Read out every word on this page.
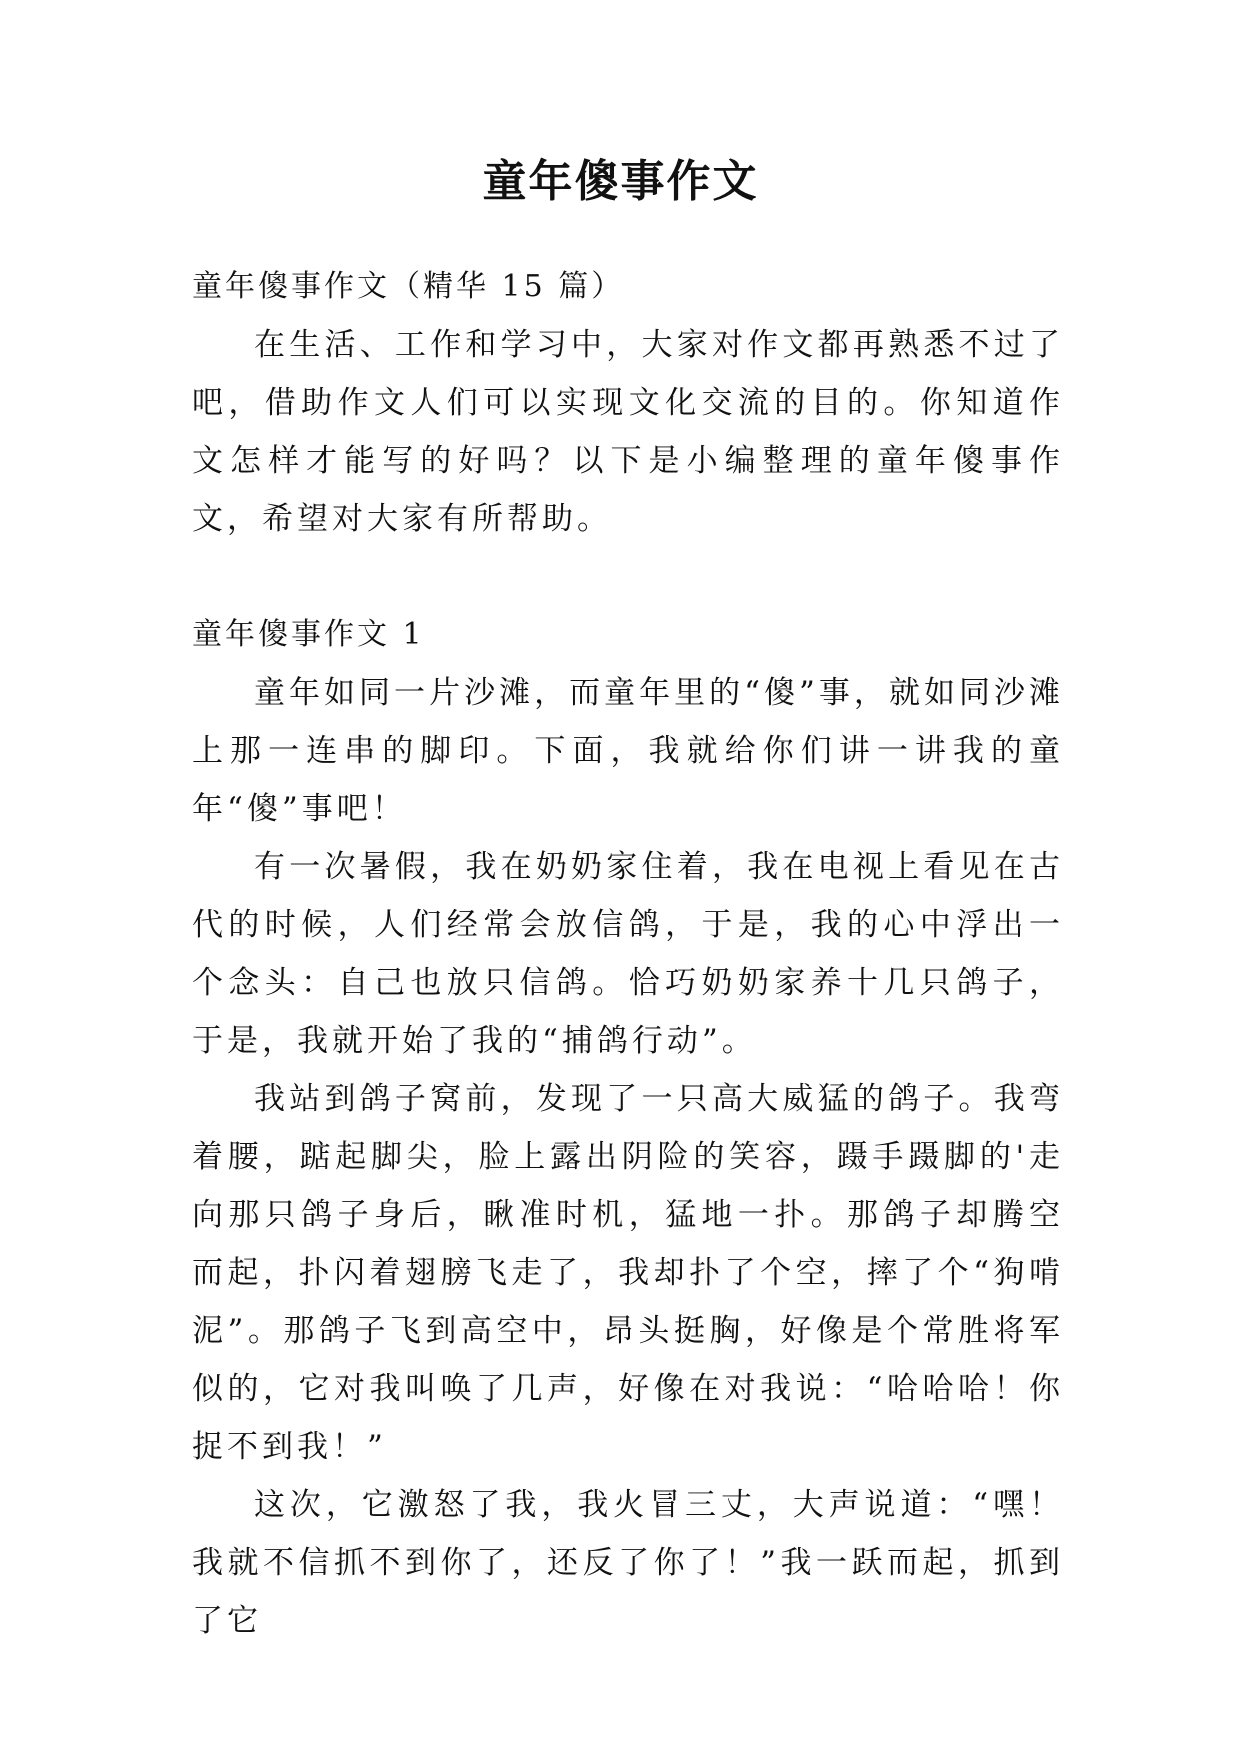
童年傻事作文

童年傻事作文（精华 15 篇）

在生活、工作和学习中，大家对作文都再熟悉不过了吧，借助作文人们可以实现文化交流的目的。你知道作文怎样才能写的好吗？以下是小编整理的童年傻事作文，希望对大家有所帮助。

童年傻事作文 1

童年如同一片沙滩，而童年里的“傻”事，就如同沙滩上那一连串的脚印。下面，我就给你们讲一讲我的童年“傻”事吧！

有一次暑假，我在奶奶家住着，我在电视上看见在古代的时候，人们经常会放信鸽，于是，我的心中浮出一个念头：自己也放只信鸽。恰巧奶奶家养十几只鸽子，于是，我就开始了我的“捕鸽行动”。

我站到鸽子窝前，发现了一只高大威猛的鸽子。我弯着腰，踮起脚尖，脸上露出阴险的笑容，蹑手蹑脚的'走向那只鸽子身后，瞅准时机，猛地一扑。那鸽子却腾空而起，扑闪着翅膀飞走了，我却扑了个空，摔了个“狗啃泥”。那鸽子飞到高空中，昂头挺胸，好像是个常胜将军似的，它对我叫唤了几声，好像在对我说：“哈哈哈！你捉不到我！”

这次，它激怒了我，我火冒三丈，大声说道：“嘿！我就不信抓不到你了，还反了你了！”我一跃而起，抓到了它
